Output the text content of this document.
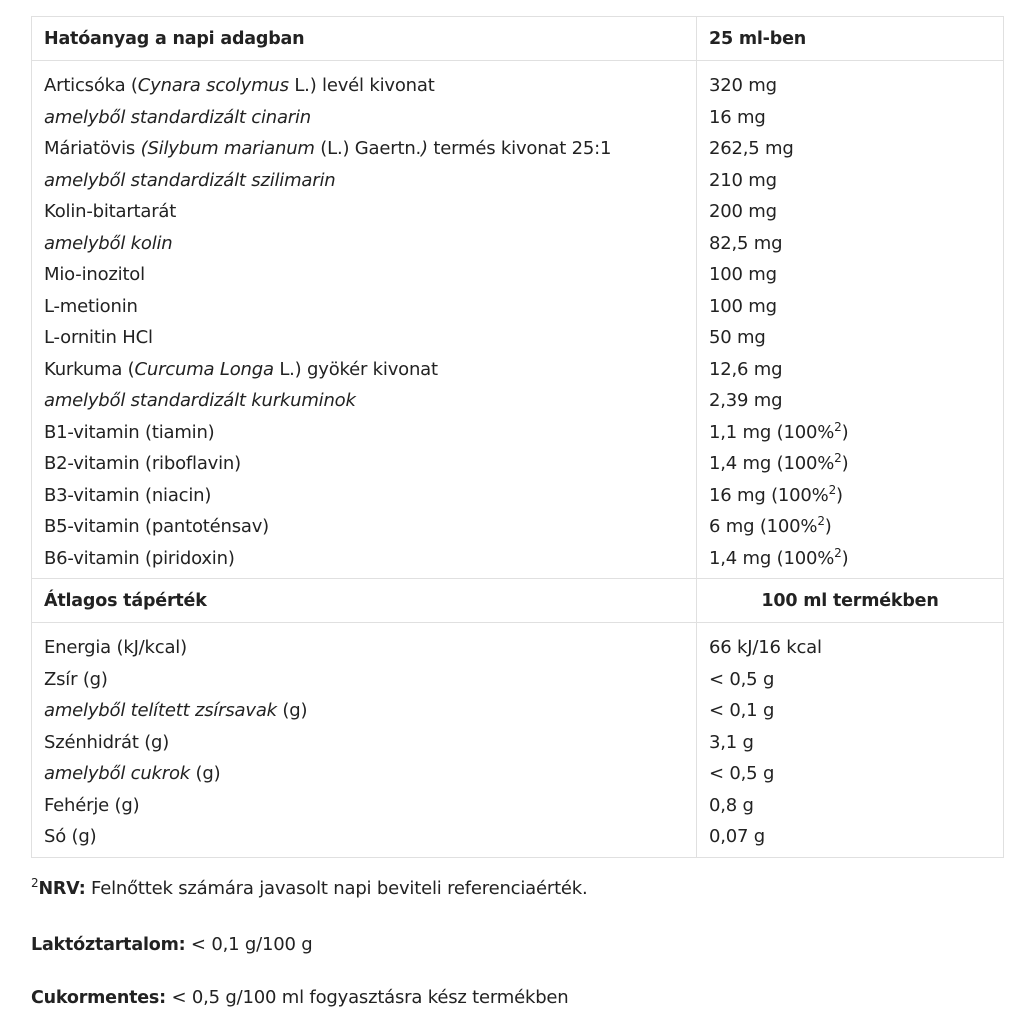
Hatóanyag a napi adagban	25 ml-ben
Articsóka (Cynara scolymus L.) levél kivonat	320 mg
amelyből standardizált cinarin	16 mg
Máriatövis (Silybum marianum (L.) Gaertn.) termés kivonat 25:1	262,5 mg
amelyből standardizált szilimarin	210 mg
Kolin-bitartarát	200 mg
amelyből kolin	82,5 mg
Mio-inozitol	100 mg
L-metionin	100 mg
L-ornitin HCl	50 mg
Kurkuma (Curcuma Longa L.) gyökér kivonat	12,6 mg
amelyből standardizált kurkuminok	2,39 mg
B1-vitamin (tiamin)	1,1 mg (100%$^2$)
B2-vitamin (riboflavin)	1,4 mg (100%$^2$)
B3-vitamin (niacin)	16 mg (100%$^2$)
B5-vitamin (pantoténsav)	6 mg (100%$^2$)
B6-vitamin (piridoxin)	1,4 mg (100%$^2$)
Átlagos tápérték	100 ml termékben
Energia (kJ/kcal)	66 kJ/16 kcal
Zsír (g)	< 0,5 g
amelyből telített zsírsavak (g)	< 0,1 g
Szénhidrát (g)	3,1 g
amelyből cukrok (g)	< 0,5 g
Fehérje (g)	0,8 g
Só (g)	0,07 g
$^2$NRV: Felnőttek számára javasolt napi beviteli referenciaérték.
Laktóztartalom: < 0,1 g/100 g
Cukormentes: < 0,5 g/100 ml fogyasztásra kész termékben
